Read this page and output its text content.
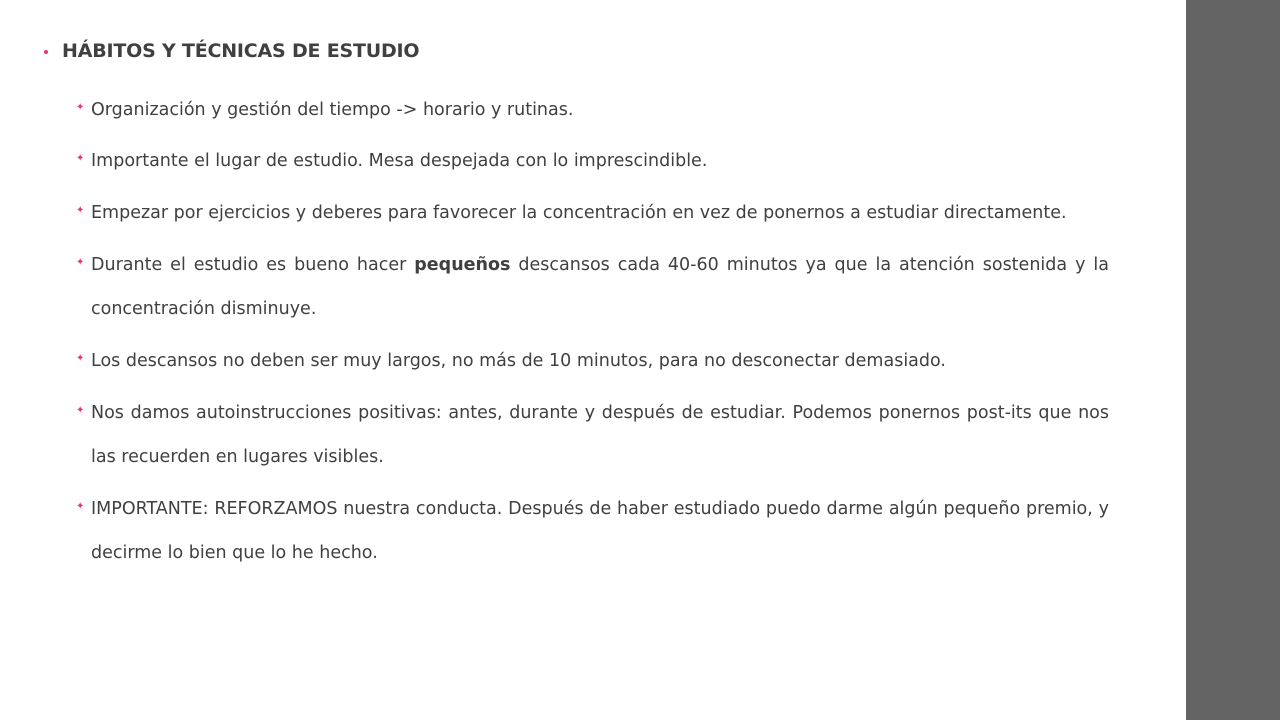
HÁBITOS Y TÉCNICAS DE ESTUDIO
✦ Organización y gestión del tiempo -> horario y rutinas.
✦ Importante el lugar de estudio. Mesa despejada con lo imprescindible.
✦ Empezar por ejercicios y deberes para favorecer la concentración en vez de ponernos a estudiar directamente.
✦ Durante el estudio es bueno hacer pequeños descansos cada 40-60 minutos ya que la atención sostenida y la concentración disminuye.
✦ Los descansos no deben ser muy largos, no más de 10 minutos, para no desconectar demasiado.
✦ Nos damos autoinstrucciones positivas: antes, durante y después de estudiar. Podemos ponernos post-its que nos las recuerden en lugares visibles.
✦ IMPORTANTE: REFORZAMOS nuestra conducta. Después de haber estudiado puedo darme algún pequeño premio, y decirme lo bien que lo he hecho.
